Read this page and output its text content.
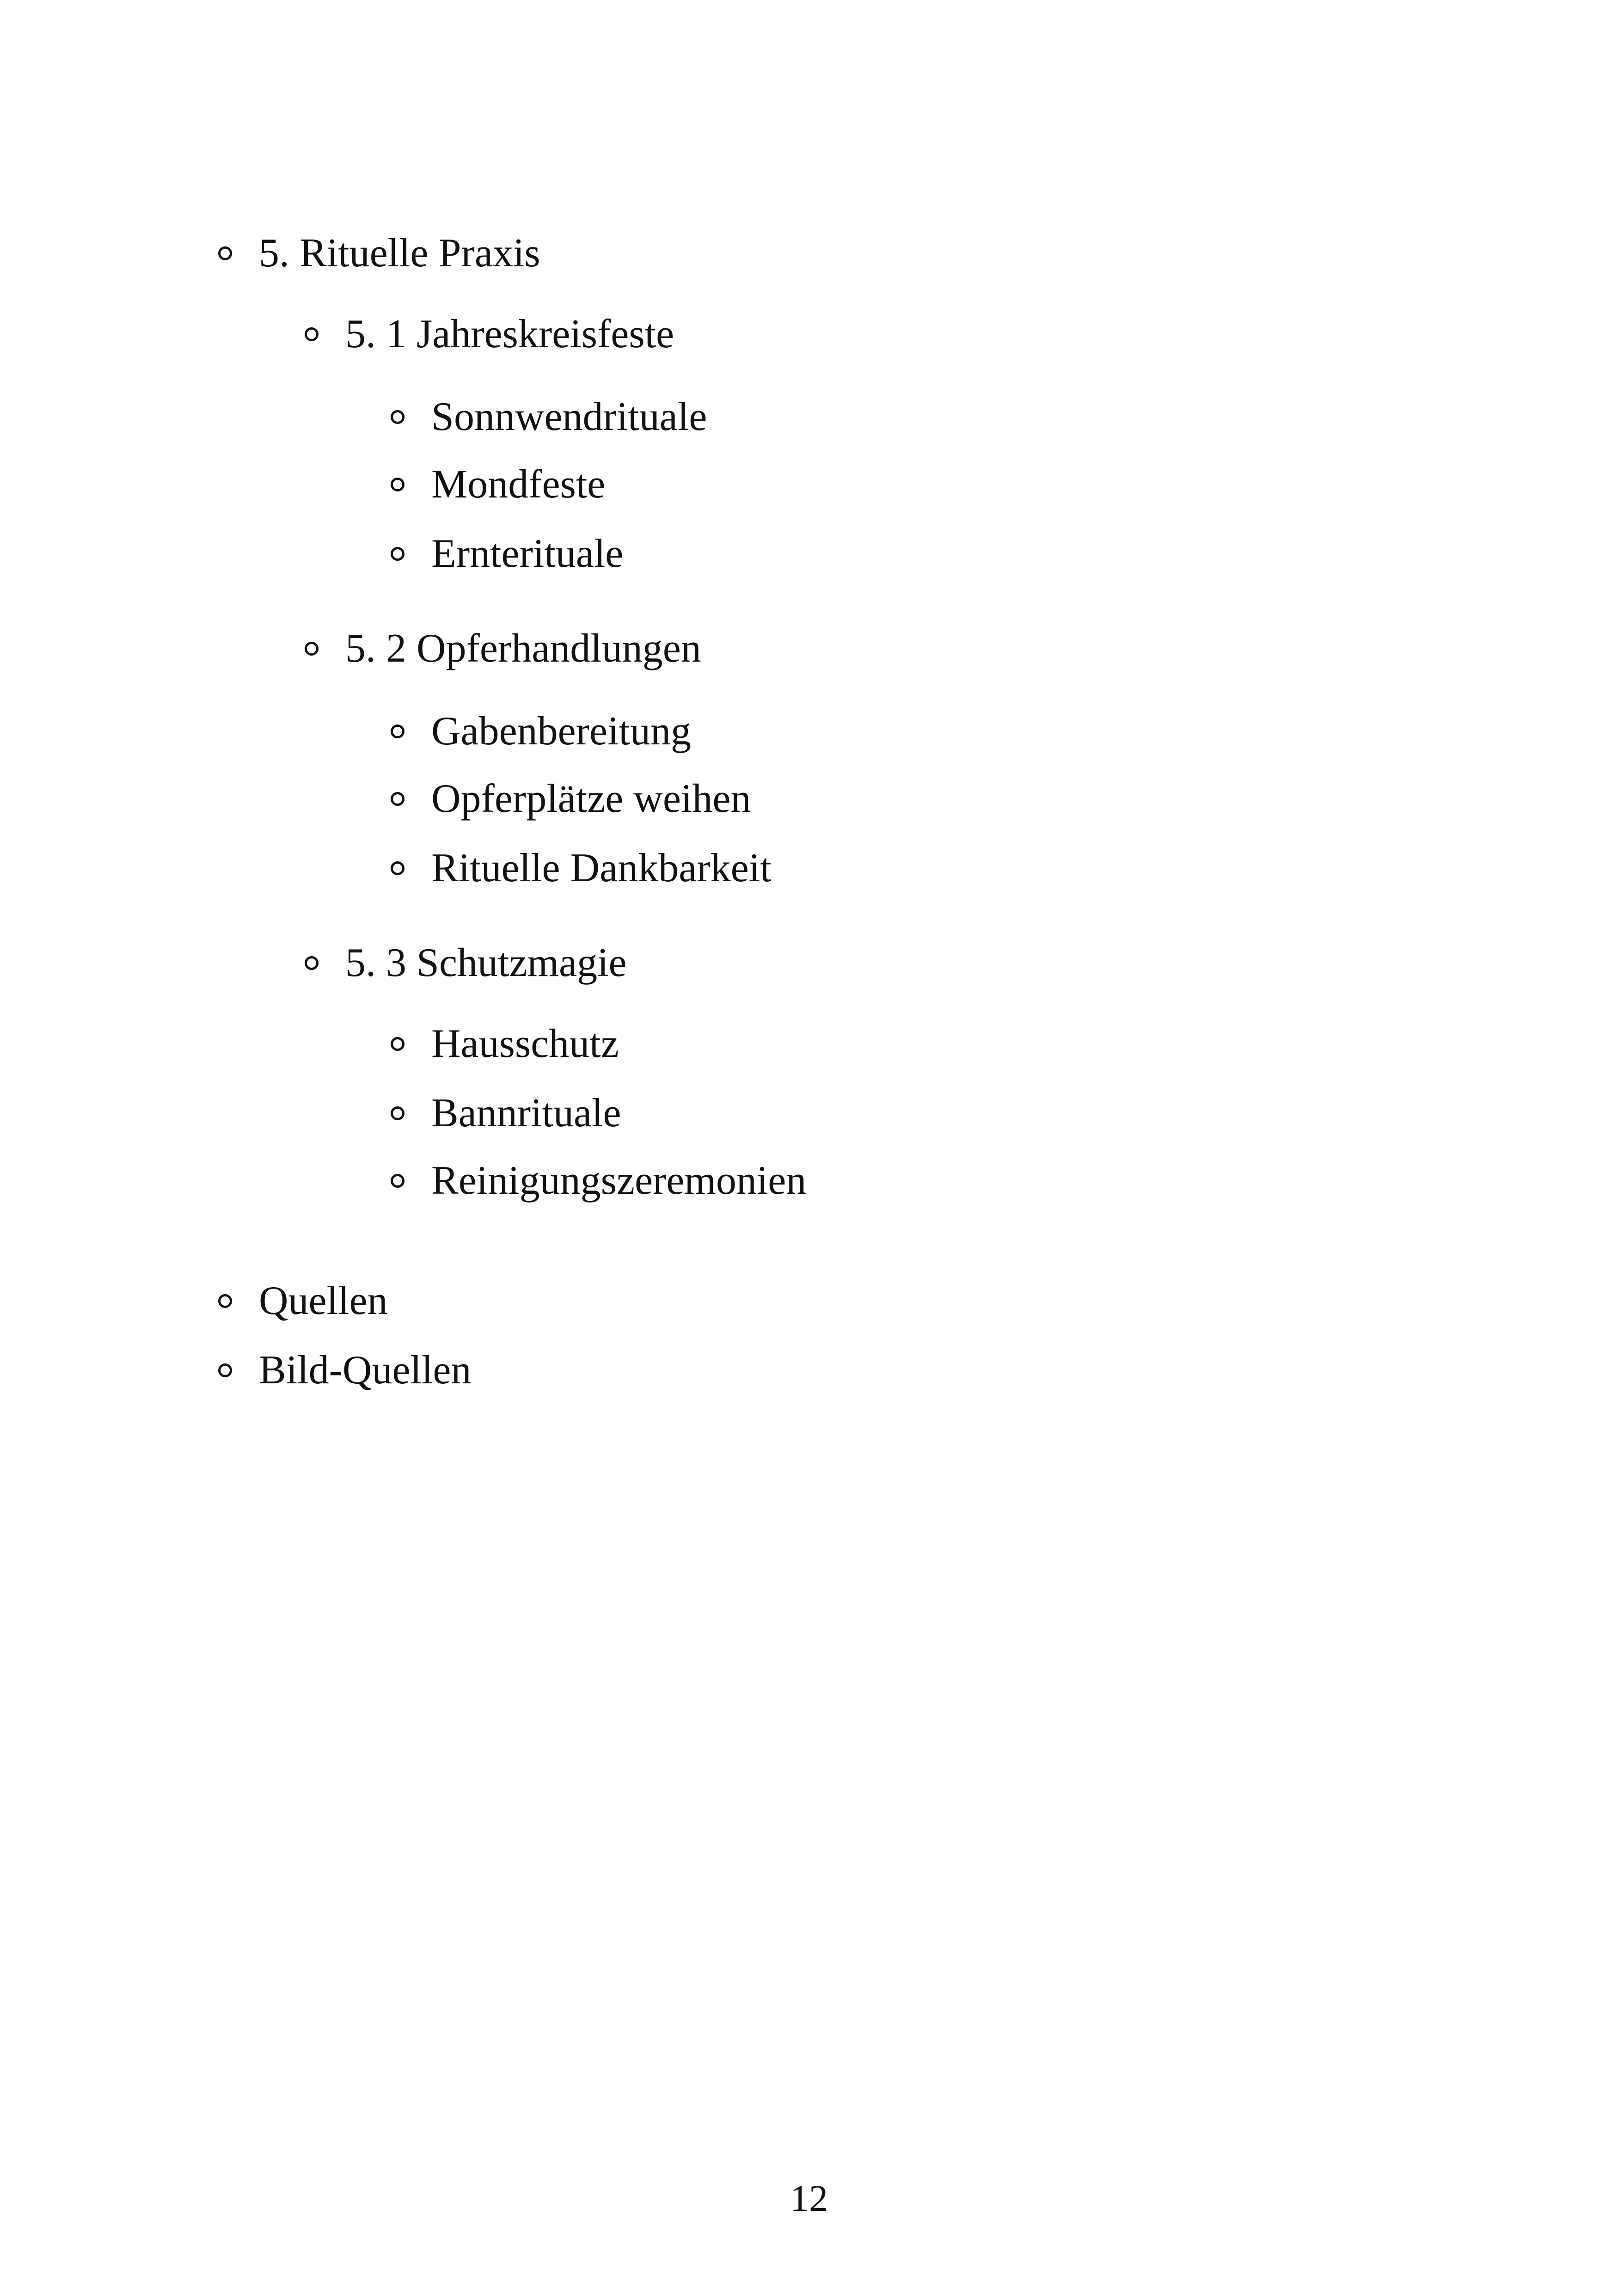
5. Rituelle Praxis
5. 1 Jahreskreisfeste
Sonnwendrituale
Mondfeste
Ernterituale
5. 2 Opferhandlungen
Gabenbereitung
Opferplätze weihen
Rituelle Dankbarkeit
5. 3 Schutzmagie
Hausschutz
Bannrituale
Reinigungszeremonien
Quellen
Bild-Quellen
12
